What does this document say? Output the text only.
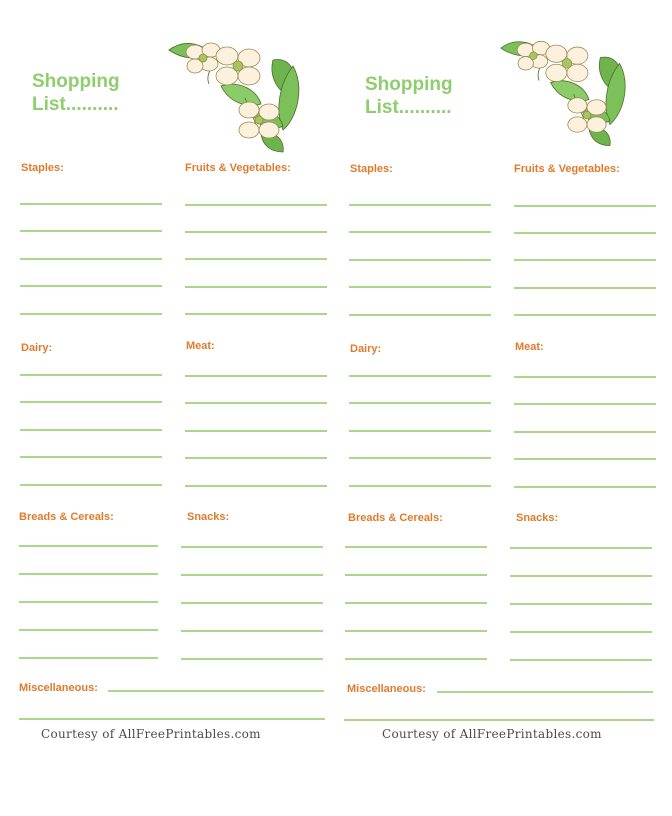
Shopping
List..........
Staples:	Fruits & Vegetables:
Dairy:	Meat:
Breads & Cereals:	Snacks:
Miscellaneous:
Courtesy of AllFreePrintables.com
Shopping
List..........
Staples:	Fruits & Vegetables:
Dairy:	Meat:
Breads & Cereals:	Snacks:
Miscellaneous:
Courtesy of AllFreePrintables.com
